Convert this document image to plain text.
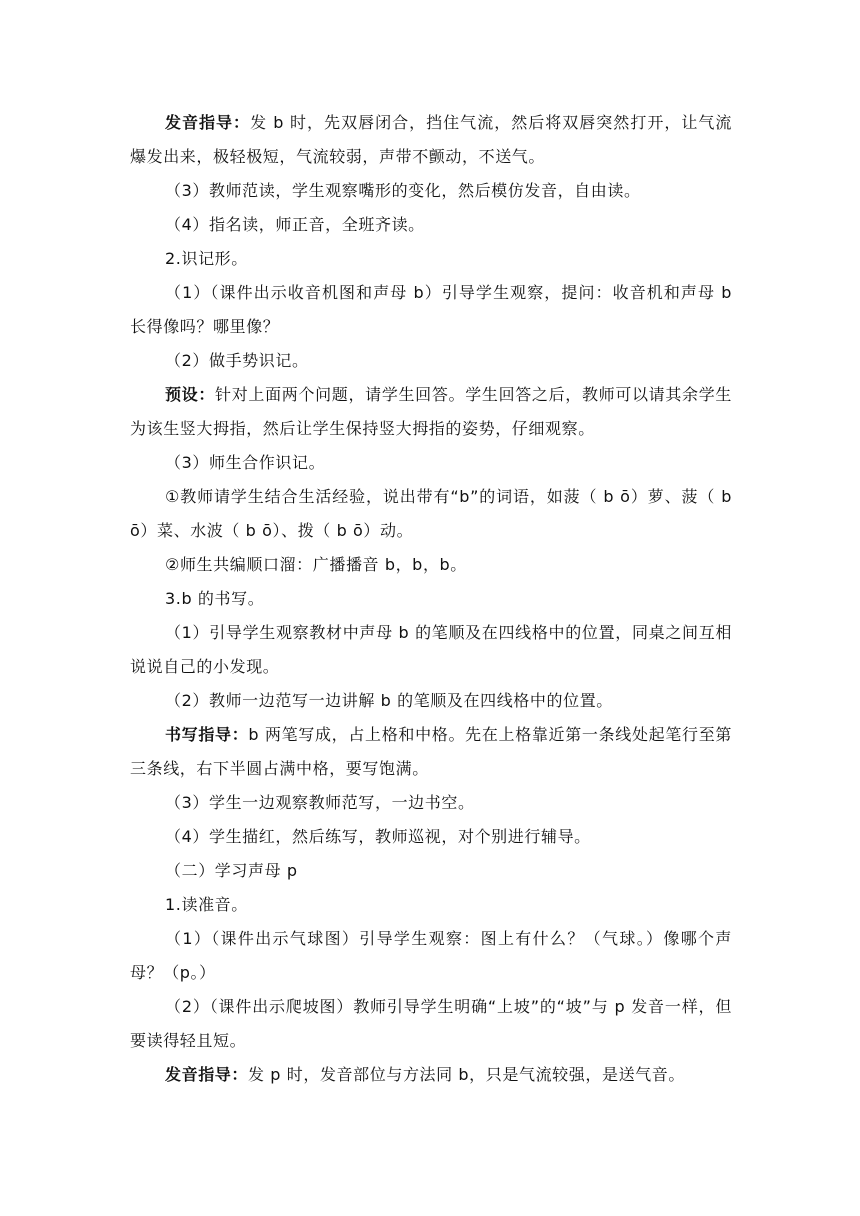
发音指导：发 b 时，先双唇闭合，挡住气流，然后将双唇突然打开，让气流爆发出来，极轻极短，气流较弱，声带不颤动，不送气。

（3）教师范读，学生观察嘴形的变化，然后模仿发音，自由读。

（4）指名读，师正音，全班齐读。

2.识记形。

（1）（课件出示收音机图和声母 b）引导学生观察，提问：收音机和声母 b 长得像吗？哪里像？

（2）做手势识记。

预设：针对上面两个问题，请学生回答。学生回答之后，教师可以请其余学生为该生竖大拇指，然后让学生保持竖大拇指的姿势，仔细观察。

（3）师生合作识记。

①教师请学生结合生活经验，说出带有“b”的词语，如菠（ b ō）萝、菠（ b ō）菜、水波（ b ō）、拨（ b ō）动。

②师生共编顺口溜：广播播音 b，b，b。

3.b 的书写。

（1）引导学生观察教材中声母 b 的笔顺及在四线格中的位置，同桌之间互相说说自己的小发现。

（2）教师一边范写一边讲解 b 的笔顺及在四线格中的位置。

书写指导：b 两笔写成，占上格和中格。先在上格靠近第一条线处起笔行至第三条线，右下半圆占满中格，要写饱满。

（3）学生一边观察教师范写，一边书空。

（4）学生描红，然后练写，教师巡视，对个别进行辅导。

（二）学习声母 p

1.读准音。

（1）（课件出示气球图）引导学生观察：图上有什么？（气球。）像哪个声母？（p。）

（2）（课件出示爬坡图）教师引导学生明确“上坡”的“坡”与 p 发音一样，但要读得轻且短。

发音指导：发 p 时，发音部位与方法同 b，只是气流较强，是送气音。
